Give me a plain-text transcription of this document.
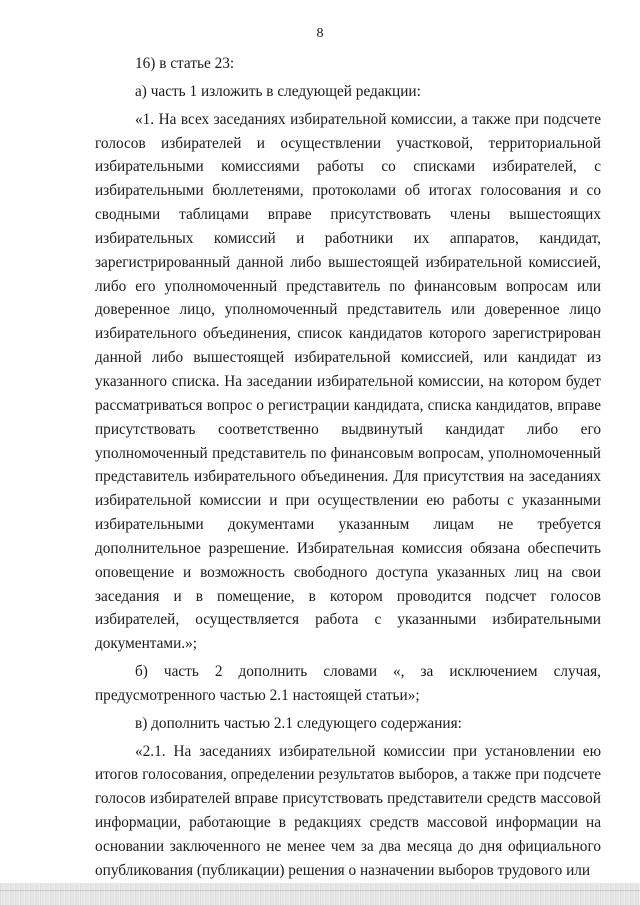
8

16) в статье 23:

а) часть 1 изложить в следующей редакции:

«1. На всех заседаниях избирательной комиссии, а также при подсчете голосов избирателей и осуществлении участковой, территориальной избирательными комиссиями работы со списками избирателей, с избирательными бюллетенями, протоколами об итогах голосования и со сводными таблицами вправе присутствовать члены вышестоящих избирательных комиссий и работники их аппаратов, кандидат, зарегистрированный данной либо вышестоящей избирательной комиссией, либо его уполномоченный представитель по финансовым вопросам или доверенное лицо, уполномоченный представитель или доверенное лицо избирательного объединения, список кандидатов которого зарегистрирован данной либо вышестоящей избирательной комиссией, или кандидат из указанного списка. На заседании избирательной комиссии, на котором будет рассматриваться вопрос о регистрации кандидата, списка кандидатов, вправе присутствовать соответственно выдвинутый кандидат либо его уполномоченный представитель по финансовым вопросам, уполномоченный представитель избирательного объединения. Для присутствия на заседаниях избирательной комиссии и при осуществлении ею работы с указанными избирательными документами указанным лицам не требуется дополнительное разрешение. Избирательная комиссия обязана обеспечить оповещение и возможность свободного доступа указанных лиц на свои заседания и в помещение, в котором проводится подсчет голосов избирателей, осуществляется работа с указанными избирательными документами.»;

б) часть 2 дополнить словами «, за исключением случая, предусмотренного частью 2.1 настоящей статьи»;

в) дополнить частью 2.1 следующего содержания:

«2.1. На заседаниях избирательной комиссии при установлении ею итогов голосования, определении результатов выборов, а также при подсчете голосов избирателей вправе присутствовать представители средств массовой информации, работающие в редакциях средств массовой информации на основании заключенного не менее чем за два месяца до дня официального опубликования (публикации) решения о назначении выборов трудового или
